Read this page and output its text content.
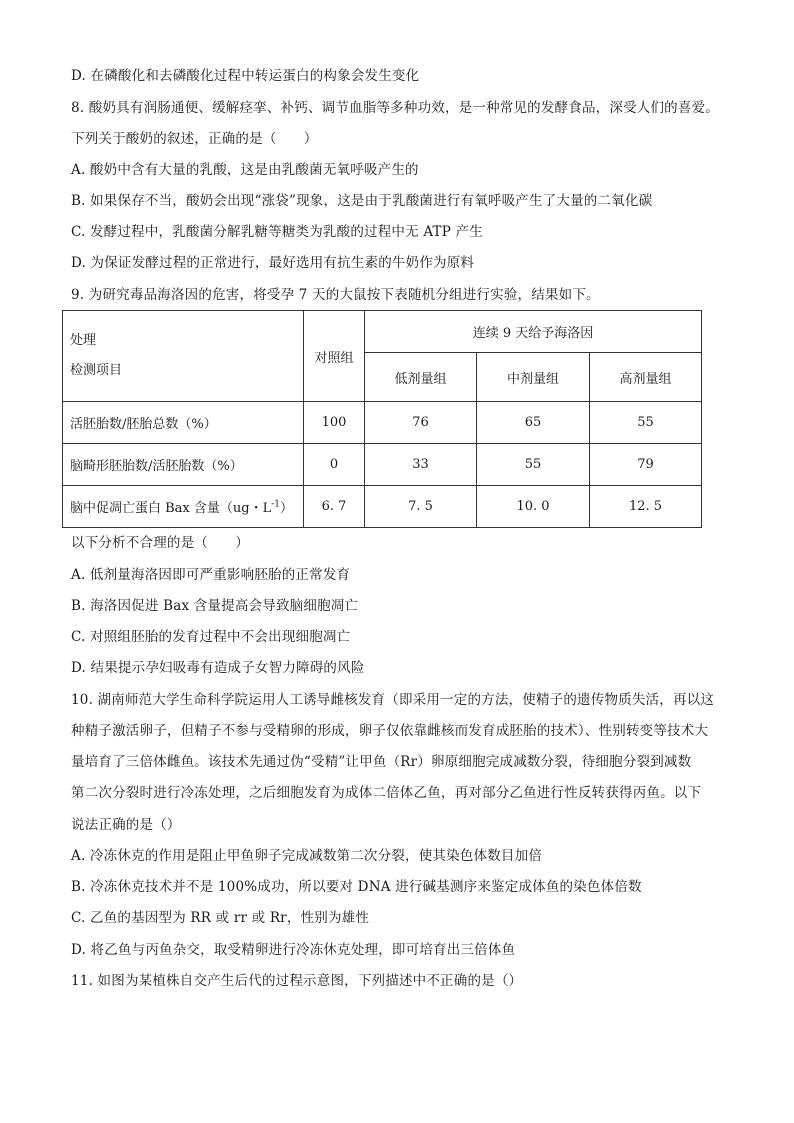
D. 在磷酸化和去磷酸化过程中转运蛋白的构象会发生变化
8. 酸奶具有润肠通便、缓解痉挛、补钙、调节血脂等多种功效，是一种常见的发酵食品，深受人们的喜爱。
下列关于酸奶的叙述，正确的是（　　）
A. 酸奶中含有大量的乳酸，这是由乳酸菌无氧呼吸产生的
B. 如果保存不当，酸奶会出现“涨袋”现象，这是由于乳酸菌进行有氧呼吸产生了大量的二氧化碳
C. 发酵过程中，乳酸菌分解乳糖等糖类为乳酸的过程中无 ATP 产生
D. 为保证发酵过程的正常进行，最好选用有抗生素的牛奶作为原料
9. 为研究毒品海洛因的危害，将受孕 7 天的大鼠按下表随机分组进行实验，结果如下。
处理
检测项目	对照组	连续 9 天给予海洛因		
		低剂量组	中剂量组	高剂量组
活胚胎数/胚胎总数（%）	100	76	65	55
脑畸形胚胎数/活胚胎数（%）	0	33	55	79
脑中促凋亡蛋白 Bax 含量（ug・$L^{-1}$）	6. 7	7. 5	10. 0	12. 5
以下分析不合理的是（　　）
A. 低剂量海洛因即可严重影响胚胎的正常发育
B. 海洛因促进 Bax 含量提高会导致脑细胞凋亡
C. 对照组胚胎的发育过程中不会出现细胞凋亡
D. 结果提示孕妇吸毒有造成子女智力障碍的风险
10. 湖南师范大学生命科学院运用人工诱导雌核发育（即采用一定的方法，使精子的遗传物质失活，再以这
种精子激活卵子，但精子不参与受精卵的形成，卵子仅依靠雌核而发育成胚胎的技术）、性别转变等技术大
量培育了三倍体雌鱼。该技术先通过伪“受精”让甲鱼（Rr）卵原细胞完成减数分裂，待细胞分裂到减数
第二次分裂时进行冷冻处理，之后细胞发育为成体二倍体乙鱼，再对部分乙鱼进行性反转获得丙鱼。以下
说法正确的是（）
A. 冷冻休克的作用是阻止甲鱼卵子完成减数第二次分裂，使其染色体数目加倍
B. 冷冻休克技术并不是 100%成功，所以要对 DNA 进行碱基测序来鉴定成体鱼的染色体倍数
C. 乙鱼的基因型为 RR 或 rr 或 Rr，性别为雄性
D. 将乙鱼与丙鱼杂交，取受精卵进行冷冻休克处理，即可培育出三倍体鱼
11. 如图为某植株自交产生后代的过程示意图，下列描述中不正确的是（）
